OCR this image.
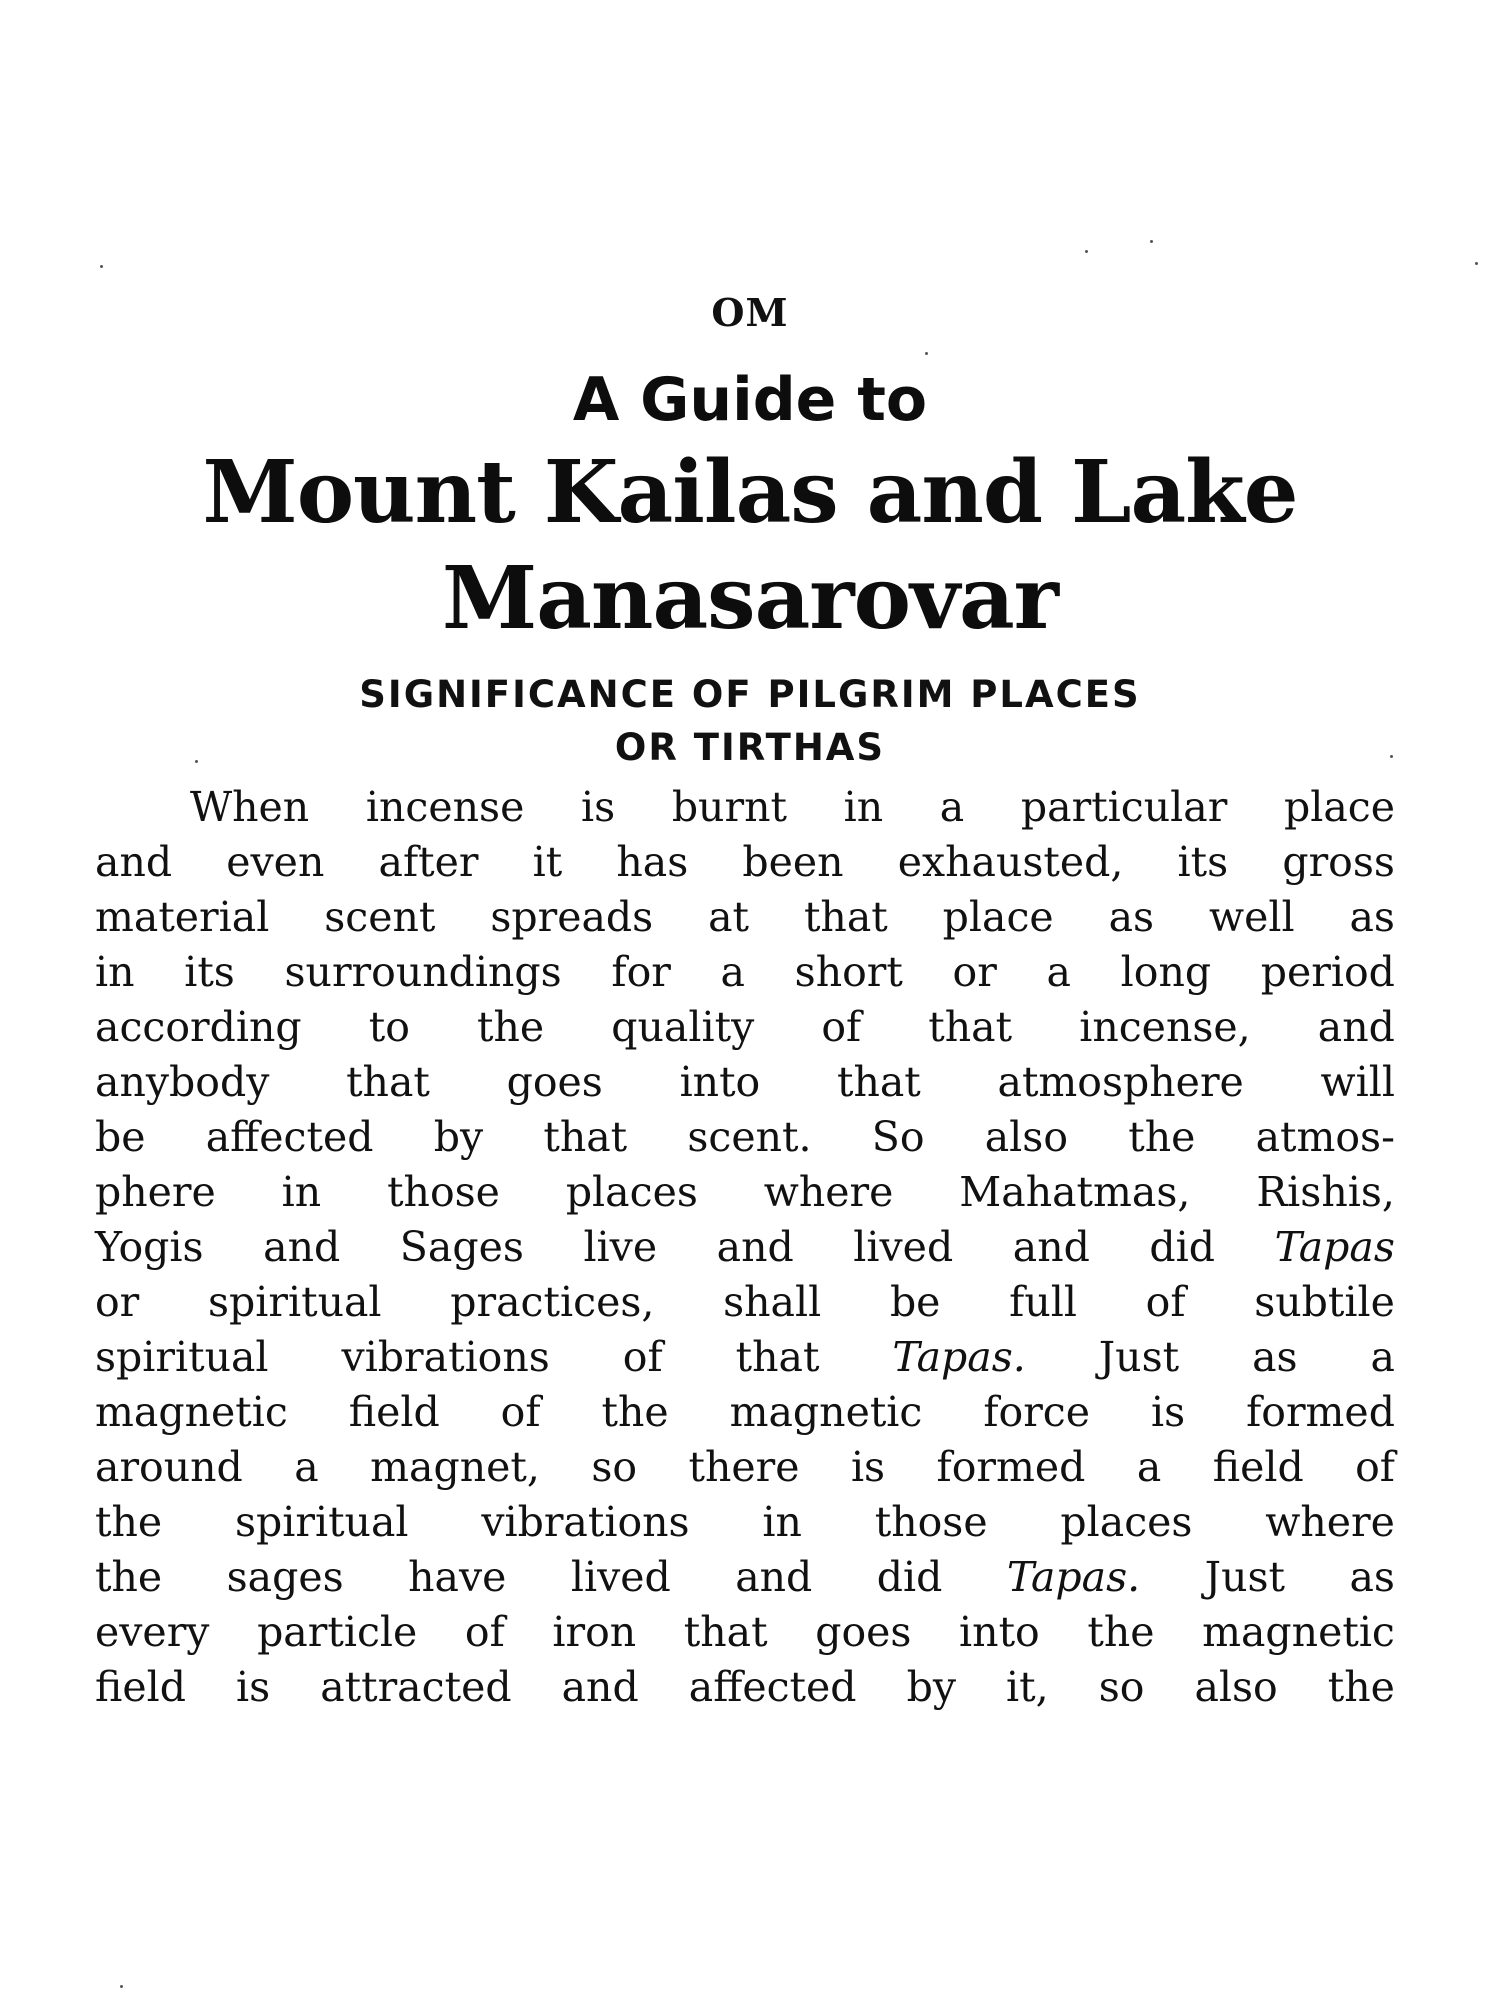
OM
A Guide to
Mount Kailas and Lake
Manasarovar
SIGNIFICANCE OF PILGRIM PLACES
OR TIRTHAS
When incense is burnt in a particular place
and even after it has been exhausted, its gross
material scent spreads at that place as well as
in its surroundings for a short or a long period
according to the quality of that incense, and
anybody that goes into that atmosphere will
be affected by that scent. So also the atmos-
phere in those places where Mahatmas, Rishis,
Yogis and Sages live and lived and did Tapas
or spiritual practices, shall be full of subtile
spiritual vibrations of that Tapas. Just as a
magnetic field of the magnetic force is formed
around a magnet, so there is formed a field of
the spiritual vibrations in those places where
the sages have lived and did Tapas. Just as
every particle of iron that goes into the magnetic
field is attracted and affected by it, so also the
